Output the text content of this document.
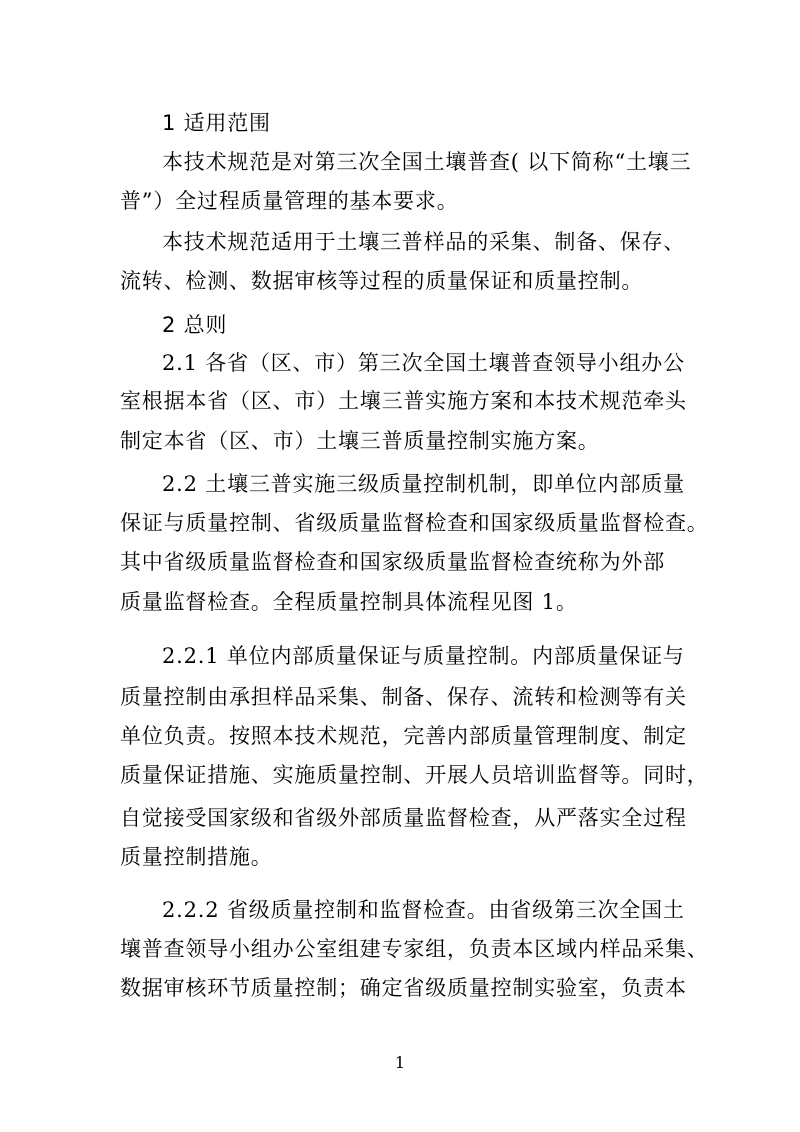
1 适用范围
本技术规范是对第三次全国土壤普查( 以下简称“土壤三
普”）全过程质量管理的基本要求。
本技术规范适用于土壤三普样品的采集、制备、保存、
流转、检测、数据审核等过程的质量保证和质量控制。
2 总则
2.1 各省（区、市）第三次全国土壤普查领导小组办公
室根据本省（区、市）土壤三普实施方案和本技术规范牵头
制定本省（区、市）土壤三普质量控制实施方案。
2.2 土壤三普实施三级质量控制机制，即单位内部质量
保证与质量控制、省级质量监督检查和国家级质量监督检查。
其中省级质量监督检查和国家级质量监督检查统称为外部
质量监督检查。全程质量控制具体流程见图 1。
2.2.1 单位内部质量保证与质量控制。内部质量保证与
质量控制由承担样品采集、制备、保存、流转和检测等有关
单位负责。按照本技术规范，完善内部质量管理制度、制定
质量保证措施、实施质量控制、开展人员培训监督等。同时，
自觉接受国家级和省级外部质量监督检查，从严落实全过程
质量控制措施。
2.2.2 省级质量控制和监督检查。由省级第三次全国土
壤普查领导小组办公室组建专家组，负责本区域内样品采集、
数据审核环节质量控制；确定省级质量控制实验室，负责本
1
